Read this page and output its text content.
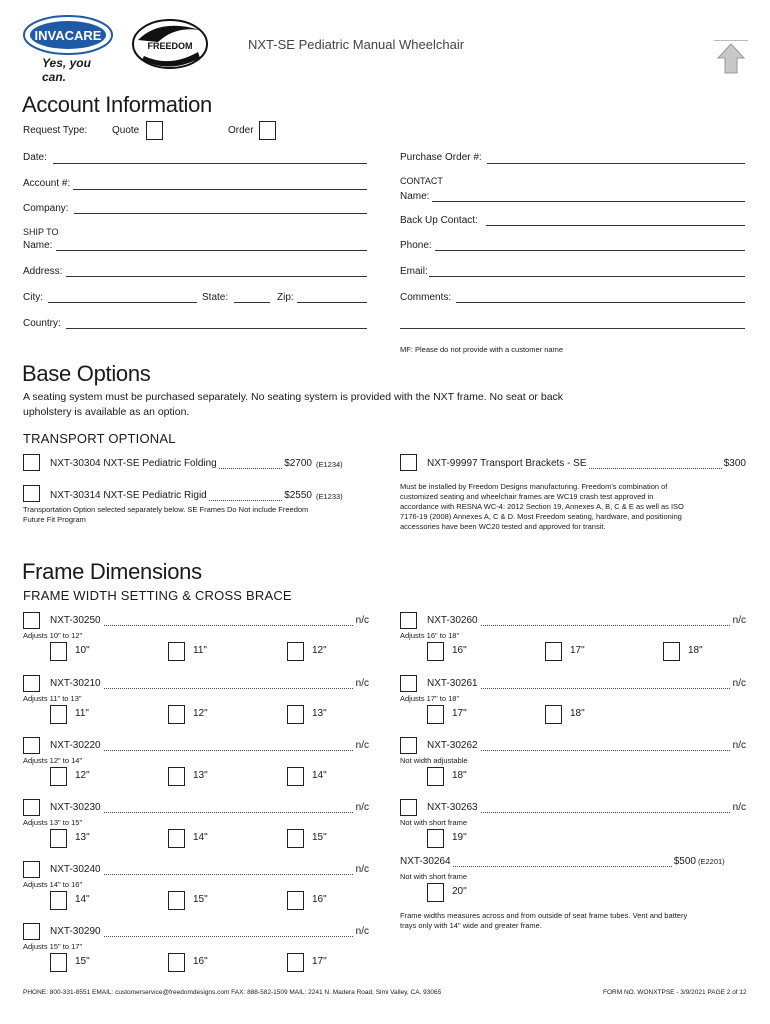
INVACARE
Yes, you can.
FREEDOM	NXT-SE Pediatric Manual Wheelchair
Account Information
Request Type: Quote	Order
Date:	Purchase Order #:
Account #:	CONTACT
Name:
Company:
Back Up Contact:
SHIP TO
Name:	Phone:
Address:	Email:
City:	State:	Zip:	Comments:
Country:
MF: Please do not provide with a customer name
Base Options
A seating system must be purchased separately. No seating system is provided with the NXT frame. No seat or back upholstery is available as an option.
TRANSPORT OPTIONAL
NXT-30304 NXT-SE Pediatric Folding	$2700 (E1234)
NXT-30314 NXT-SE Pediatric Rigid	$2550 (E1233)
Transportation Option selected separately below. SE Frames Do Not include Freedom Future Fit Program
NXT-99997 Transport Brackets - SE	$300
Must be installed by Freedom Designs manufacturing. Freedom's combination of customized seating and wheelchair frames are WC19 crash test approved in accordance with RESNA WC-4: 2012 Section 19, Annexes A, B, C & E as well as ISO 7176-19 (2008) Annexes A, C & D. Most Freedom seating, hardware, and positioning accessories have been WC20 tested and approved for transit.
Frame Dimensions
FRAME WIDTH SETTING & CROSS BRACE
Frame widths measures across and from outside of seat frame tubes. Vent and battery trays only with 14" wide and greater frame.
PHONE: 800-331-8551 EMAIL: customerservice@freedomdesigns.com FAX: 888-582-1509 MAIL: 2241 N. Madera Road, Simi Valley, CA. 93065	FORM NO. WONXTPSE - 3/9/2021 PAGE 2 of 12
NXT-30250	n/c
Adjusts 10" to 12"
10"	11"	12"
NXT-30210	n/c
Adjusts 11" to 13"
11"	12"	13"
NXT-30220	n/c
Adjusts 12" to 14"
12"	13"	14"
NXT-30230	n/c
Adjusts 13" to 15"
13"	14"	15"
NXT-30240	n/c
Adjusts 14" to 16"
14"	15"	16"
NXT-30290	n/c
Adjusts 15" to 17"
15"	16"	17"
NXT-30260	n/c
Adjusts 16" to 18"
16"	17"	18"
NXT-30261	n/c
Adjusts 17" to 18"
17"	18"
NXT-30262	n/c
Not width adjustable
18"
NXT-30263	n/c
Not with short frame
19"
NXT-30264	$500 (E2201)
Not with short frame
20"
